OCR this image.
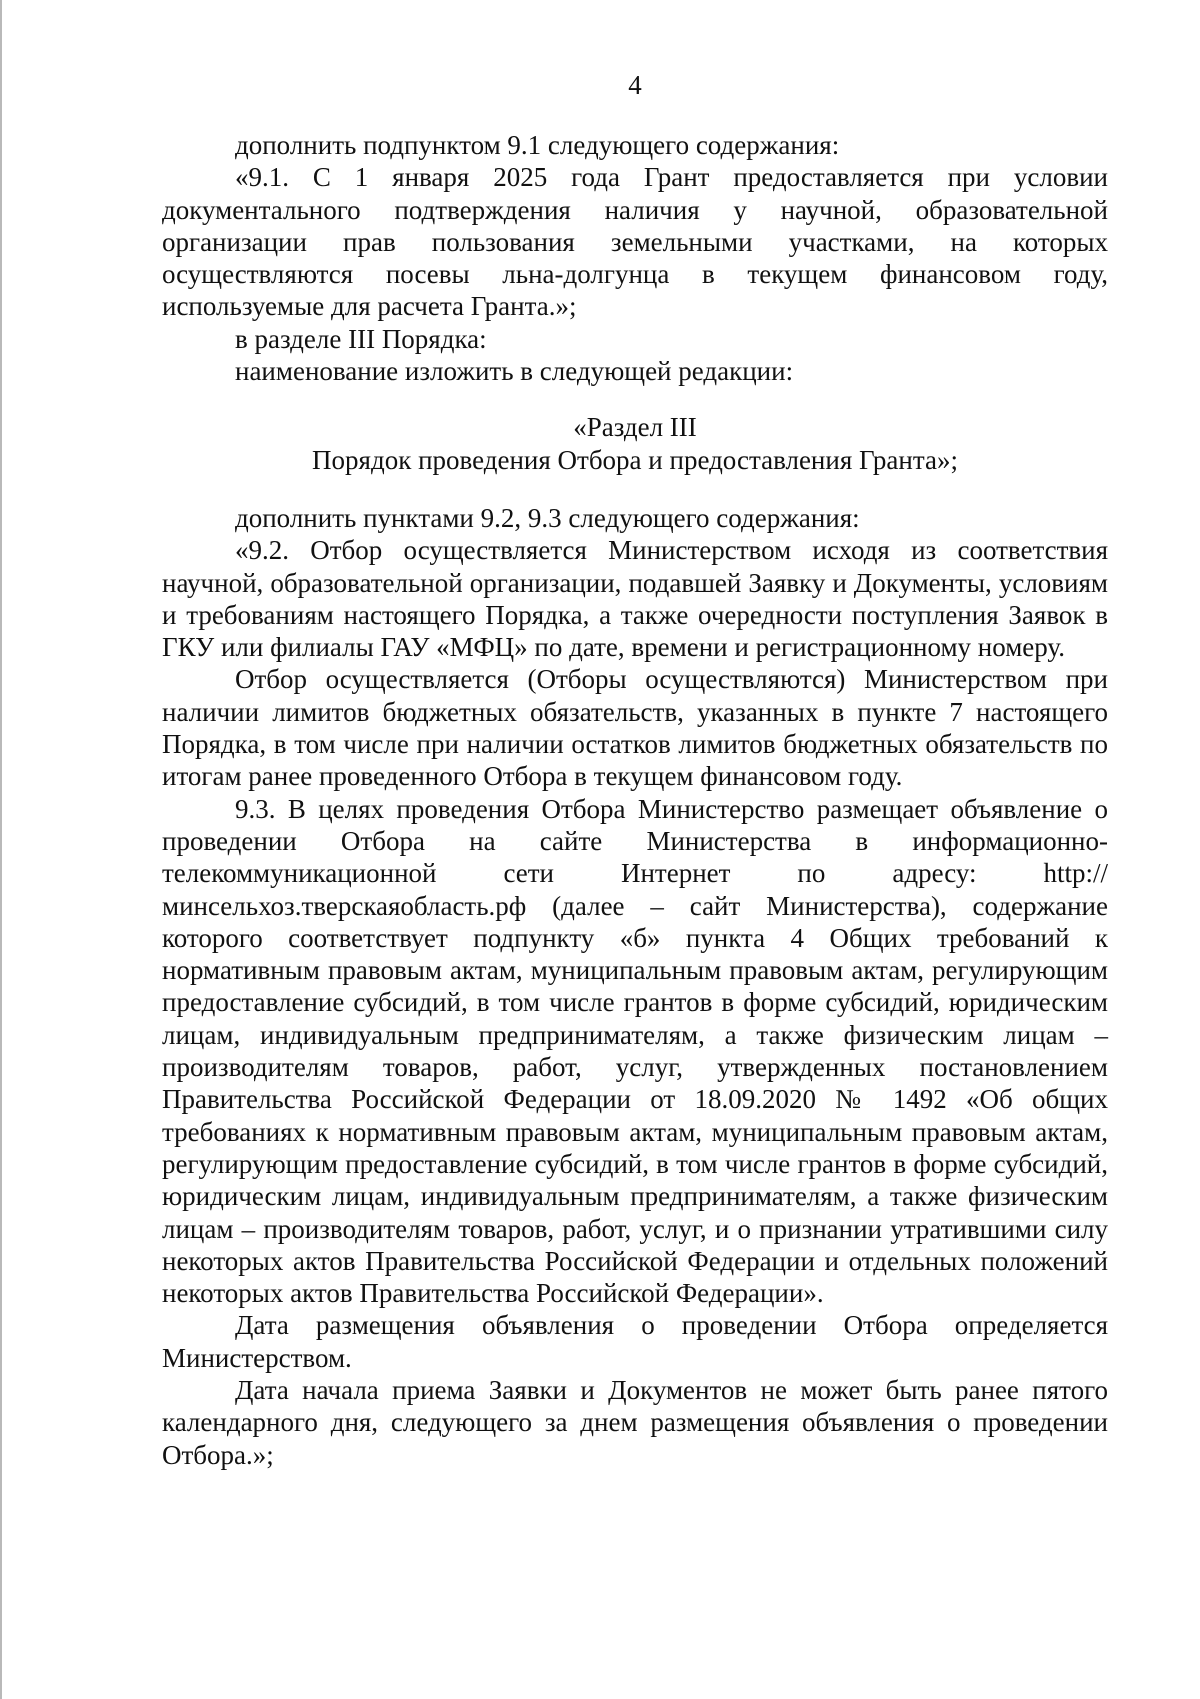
4

дополнить подпунктом 9.1 следующего содержания:

«9.1. С 1 января 2025 года Грант предоставляется при условии документального подтверждения наличия у научной, образовательной организации прав пользования земельными участками, на которых осуществляются посевы льна-долгунца в текущем финансовом году, используемые для расчета Гранта.»;

в разделе III Порядка:

наименование изложить в следующей редакции:

«Раздел III

Порядок проведения Отбора и предоставления Гранта»;

дополнить пунктами 9.2, 9.3 следующего содержания:

«9.2. Отбор осуществляется Министерством исходя из соответствия научной, образовательной организации, подавшей Заявку и Документы, условиям и требованиям настоящего Порядка, а также очередности поступления Заявок в ГКУ или филиалы ГАУ «МФЦ» по дате, времени и регистрационному номеру.

Отбор осуществляется (Отборы осуществляются) Министерством при наличии лимитов бюджетных обязательств, указанных в пункте 7 настоящего Порядка, в том числе при наличии остатков лимитов бюджетных обязательств по итогам ранее проведенного Отбора в текущем финансовом году.

9.3. В целях проведения Отбора Министерство размещает объявление о проведении Отбора на сайте Министерства в информационно-телекоммуникационной сети Интернет по адресу: http://минсельхоз.тверскаяобласть.рф (далее – сайт Министерства), содержание которого соответствует подпункту «б» пункта 4 Общих требований к нормативным правовым актам, муниципальным правовым актам, регулирующим предоставление субсидий, в том числе грантов в форме субсидий, юридическим лицам, индивидуальным предпринимателям, а также физическим лицам – производителям товаров, работ, услуг, утвержденных постановлением Правительства Российской Федерации от 18.09.2020 № 1492 «Об общих требованиях к нормативным правовым актам, муниципальным правовым актам, регулирующим предоставление субсидий, в том числе грантов в форме субсидий, юридическим лицам, индивидуальным предпринимателям, а также физическим лицам – производителям товаров, работ, услуг, и о признании утратившими силу некоторых актов Правительства Российской Федерации и отдельных положений некоторых актов Правительства Российской Федерации».

Дата размещения объявления о проведении Отбора определяется Министерством.

Дата начала приема Заявки и Документов не может быть ранее пятого календарного дня, следующего за днем размещения объявления о проведении Отбора.»;
